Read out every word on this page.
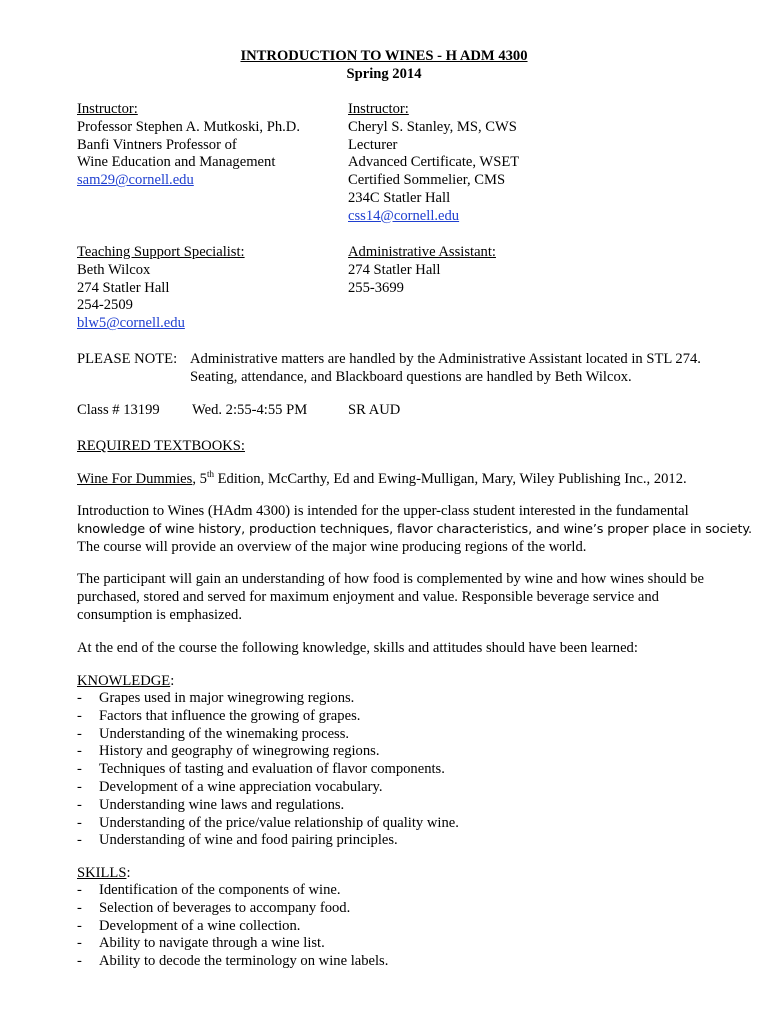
INTRODUCTION TO WINES - H ADM 4300
Spring 2014
Instructor:
Professor Stephen A. Mutkoski, Ph.D.
Banfi Vintners Professor of
Wine Education and Management
sam29@cornell.edu
Instructor:
Cheryl S. Stanley, MS, CWS
Lecturer
Advanced Certificate, WSET
Certified Sommelier, CMS
234C Statler Hall
css14@cornell.edu
Teaching Support Specialist:
Beth Wilcox
274 Statler Hall
254-2509
blw5@cornell.edu
Administrative Assistant:
274 Statler Hall
255-3699
PLEASE NOTE: Administrative matters are handled by the Administrative Assistant located in STL 274.
Seating, attendance, and Blackboard questions are handled by Beth Wilcox.
Class # 13199 Wed. 2:55-4:55 PM	SR AUD
REQUIRED TEXTBOOKS:
Wine For Dummies, 5th Edition, McCarthy, Ed and Ewing-Mulligan, Mary, Wiley Publishing Inc., 2012.
Introduction to Wines (HAdm 4300) is intended for the upper-class student interested in the fundamental
knowledge of wine history, production techniques, flavor characteristics, and wine’s proper place in society.
The course will provide an overview of the major wine producing regions of the world.
The participant will gain an understanding of how food is complemented by wine and how wines should be
purchased, stored and served for maximum enjoyment and value. Responsible beverage service and
consumption is emphasized.
At the end of the course the following knowledge, skills and attitudes should have been learned:
KNOWLEDGE:
- Grapes used in major winegrowing regions.
- Factors that influence the growing of grapes.
- Understanding of the winemaking process.
- History and geography of winegrowing regions.
- Techniques of tasting and evaluation of flavor components.
- Development of a wine appreciation vocabulary.
- Understanding wine laws and regulations.
- Understanding of the price/value relationship of quality wine.
- Understanding of wine and food pairing principles.
SKILLS:
- Identification of the components of wine.
- Selection of beverages to accompany food.
- Development of a wine collection.
- Ability to navigate through a wine list.
- Ability to decode the terminology on wine labels.
